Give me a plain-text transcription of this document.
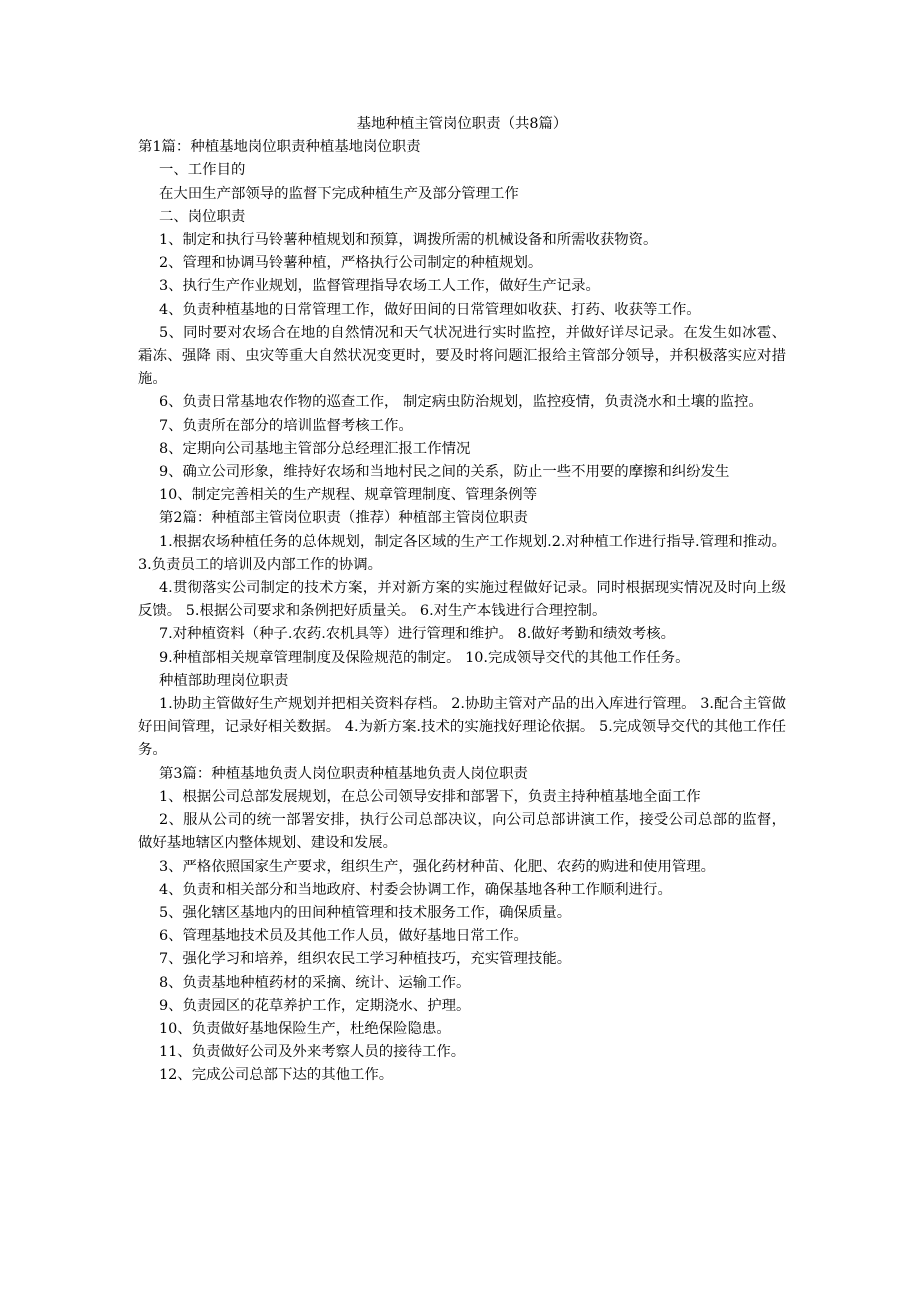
基地种植主管岗位职责（共8篇）

第1篇：种植基地岗位职责种植基地岗位职责

一、工作目的

在大田生产部领导的监督下完成种植生产及部分管理工作

二、岗位职责

1、制定和执行马铃薯种植规划和预算，调拨所需的机械设备和所需收获物资。

2、管理和协调马铃薯种植，严格执行公司制定的种植规划。

3、执行生产作业规划，监督管理指导农场工人工作，做好生产记录。

4、负责种植基地的日常管理工作，做好田间的日常管理如收获、打药、收获等工作。

5、同时要对农场合在地的自然情况和天气状况进行实时监控，并做好详尽记录。在发生如冰雹、霜冻、强降 雨、虫灾等重大自然状况变更时，要及时将问题汇报给主管部分领导，并积极落实应对措施。

6、负责日常基地农作物的巡查工作， 制定病虫防治规划，监控疫情，负责浇水和土壤的监控。

7、负责所在部分的培训监督考核工作。

8、定期向公司基地主管部分总经理汇报工作情况

9、确立公司形象，维持好农场和当地村民之间的关系，防止一些不用要的摩擦和纠纷发生

10、制定完善相关的生产规程、规章管理制度、管理条例等

第2篇：种植部主管岗位职责（推荐）种植部主管岗位职责

1.根据农场种植任务的总体规划，制定各区域的生产工作规划.2.对种植工作进行指导.管理和推动。 3.负责员工的培训及内部工作的协调。

4.贯彻落实公司制定的技术方案，并对新方案的实施过程做好记录。同时根据现实情况及时向上级反馈。 5.根据公司要求和条例把好质量关。 6.对生产本钱进行合理控制。

7.对种植资料（种子.农药.农机具等）进行管理和维护。 8.做好考勤和绩效考核。

9.种植部相关规章管理制度及保险规范的制定。 10.完成领导交代的其他工作任务。

种植部助理岗位职责

1.协助主管做好生产规划并把相关资料存档。 2.协助主管对产品的出入库进行管理。 3.配合主管做好田间管理，记录好相关数据。 4.为新方案.技术的实施找好理论依据。 5.完成领导交代的其他工作任务。

第3篇：种植基地负责人岗位职责种植基地负责人岗位职责

1、根据公司总部发展规划，在总公司领导安排和部署下，负责主持种植基地全面工作

2、服从公司的统一部署安排，执行公司总部决议，向公司总部讲演工作，接受公司总部的监督，做好基地辖区内整体规划、建设和发展。

3、严格依照国家生产要求，组织生产，强化药材种苗、化肥、农药的购进和使用管理。

4、负责和相关部分和当地政府、村委会协调工作，确保基地各种工作顺利进行。

5、强化辖区基地内的田间种植管理和技术服务工作，确保质量。

6、管理基地技术员及其他工作人员，做好基地日常工作。

7、强化学习和培养，组织农民工学习种植技巧，充实管理技能。

8、负责基地种植药材的采摘、统计、运输工作。

9、负责园区的花草养护工作，定期浇水、护理。

10、负责做好基地保险生产，杜绝保险隐患。

11、负责做好公司及外来考察人员的接待工作。

12、完成公司总部下达的其他工作。
